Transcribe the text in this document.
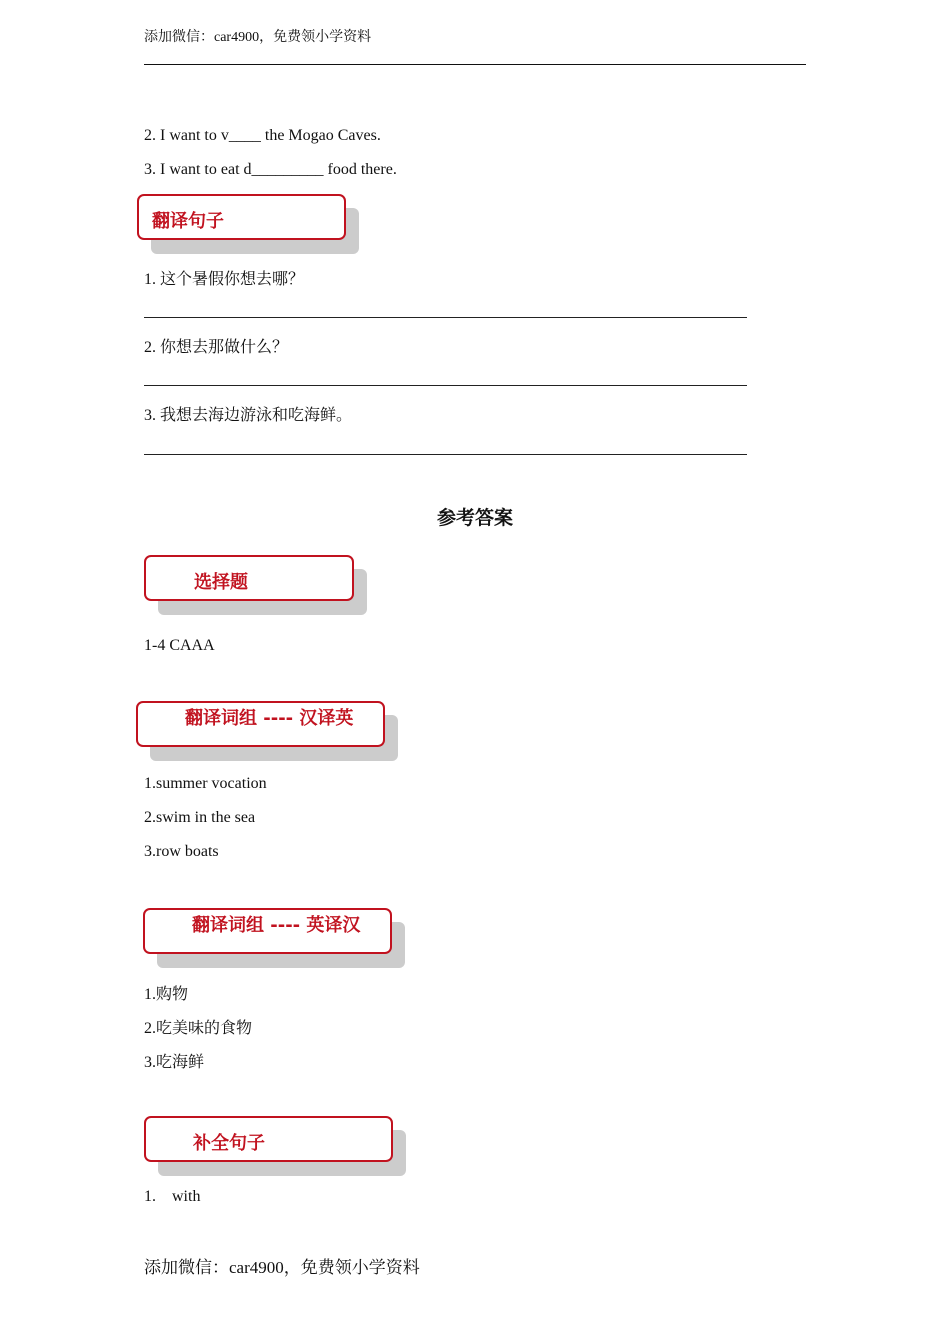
添加微信：car4900，免费领小学资料
2. I want to v____ the Mogao Caves.
3. I want to eat d_________ food there.
翻译句子
1. 这个暑假你想去哪？
2. 你想去那做什么？
3. 我想去海边游泳和吃海鲜。
参考答案
选择题
1-4 CAAA
翻译词组 ---- 汉译英
1.summer vocation
2.swim in the sea
3.row boats
翻译词组 ---- 英译汉
1.购物
2.吃美味的食物
3.吃海鲜
补全句子
1.    with
添加微信：car4900，免费领小学资料
